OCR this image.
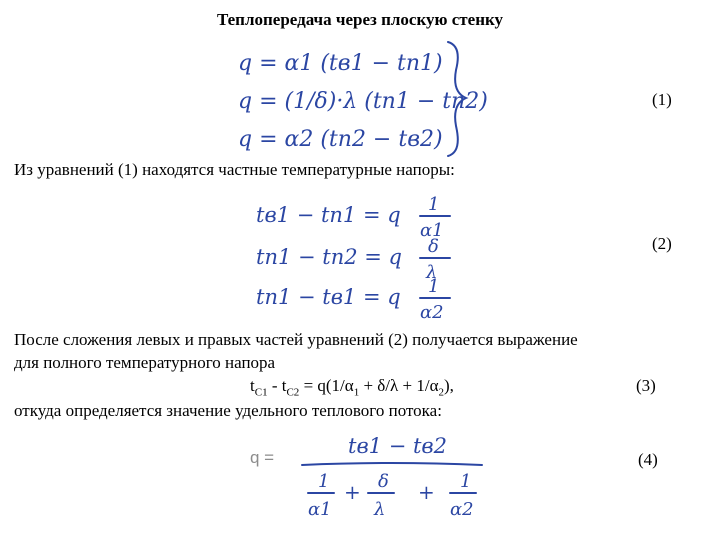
Теплопередача через плоскую стенку
q = α1 (tв1 − tп1)
q = (1/δ)·λ (tп1 − tп2)
q = α2 (tп2 − tв2)
(1)
Из уравнений (1) находятся частные температурные напоры:
tв1 − tп1 = q 1
α1
tп1 − tп2 = q δ
λ
tп1 − tв1 = q 1
α2
(2)
После сложения левых и правых частей уравнений (2) получается выражение
для полного температурного напора
$t_{C1} - t_{C2} = q(1/\alpha_1 + \delta/\lambda + 1/\alpha_2)$,	(3)
откуда определяется значение удельного теплового потока:
q =	tв1 − tв2
1
α1
+ δ
λ
+ 1
α2
(4)
